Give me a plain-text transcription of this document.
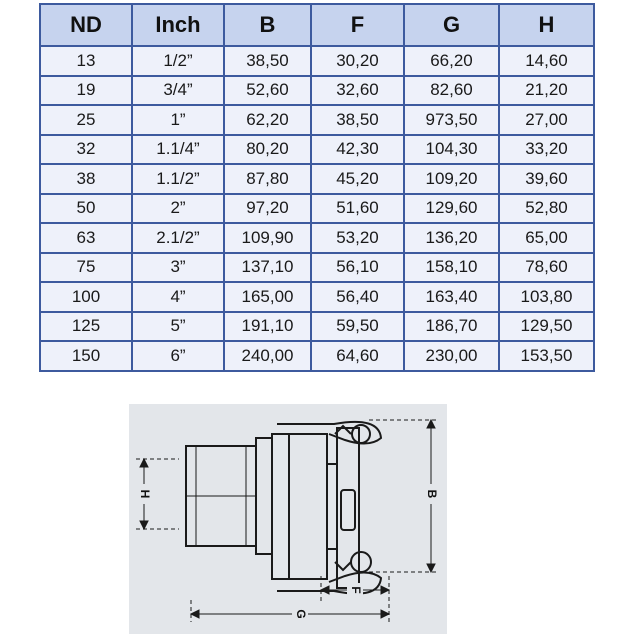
ND	Inch	B	F	G	H
13	1/2”	38,50	30,20	66,20	14,60
19	3/4”	52,60	32,60	82,60	21,20
25	1”	62,20	38,50	973,50	27,00
32	1.1/4”	80,20	42,30	104,30	33,20
38	1.1/2”	87,80	45,20	109,20	39,60
50	2”	97,20	51,60	129,60	52,80
63	2.1/2”	109,90	53,20	136,20	65,00
75	3”	137,10	56,10	158,10	78,60
100	4”	165,00	56,40	163,40	103,80
125	5”	191,10	59,50	186,70	129,50
150	6”	240,00	64,60	230,00	153,50
H	B
F
G
